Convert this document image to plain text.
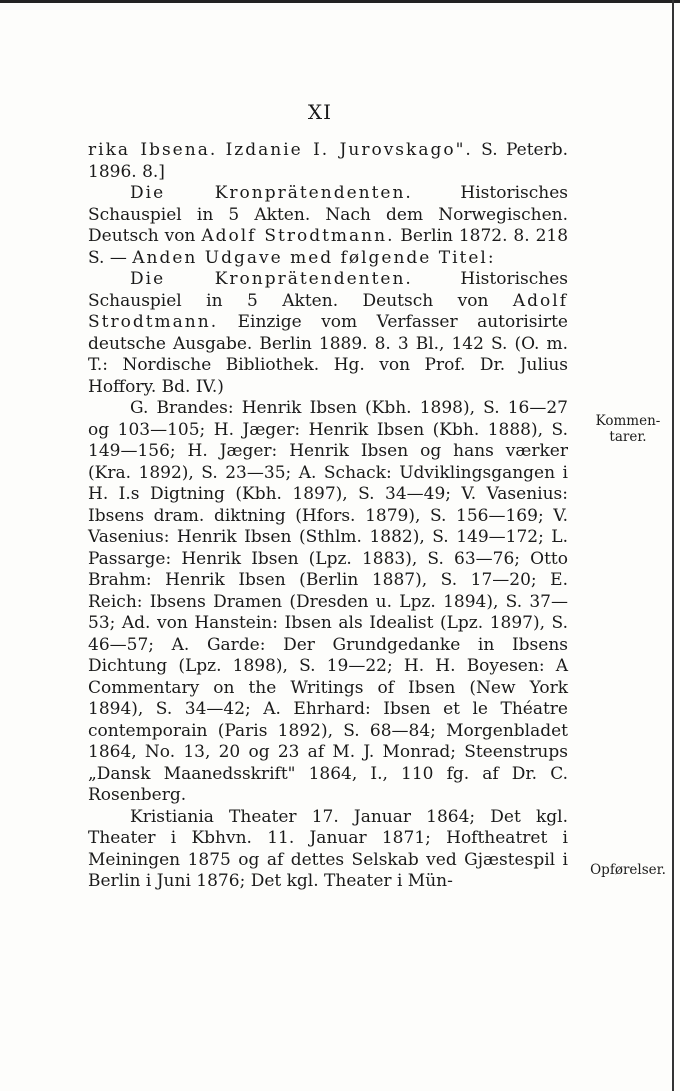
XI

rika Ibsena. Izdanie I. Jurovskago". S. Peterb. 1896. 8.]

Die Kronprätendenten. Historisches Schauspiel in 5 Akten. Nach dem Norwegischen. Deutsch von Adolf Strodtmann. Berlin 1872. 8. 218 S. — Anden Udgave med følgende Titel:

Die Kronprätendenten. Historisches Schauspiel in 5 Akten. Deutsch von Adolf Strodtmann. Einzige vom Verfasser autorisirte deutsche Ausgabe. Berlin 1889. 8. 3 Bl., 142 S. (O. m. T.: Nordische Bibliothek. Hg. von Prof. Dr. Julius Hoffory. Bd. IV.)

G. Brandes: Henrik Ibsen (Kbh. 1898), S. 16—27 og 103—105; H. Jæger: Henrik Ibsen (Kbh. 1888), S. 149—156; H. Jæger: Henrik Ibsen og hans værker (Kra. 1892), S. 23—35; A. Schack: Udviklingsgangen i H. I.s Digtning (Kbh. 1897), S. 34—49; V. Vasenius: Ibsens dram. diktning (Hfors. 1879), S. 156—169; V. Vasenius: Henrik Ibsen (Sthlm. 1882), S. 149—172; L. Passarge: Henrik Ibsen (Lpz. 1883), S. 63—76; Otto Brahm: Henrik Ibsen (Berlin 1887), S. 17—20; E. Reich: Ibsens Dramen (Dresden u. Lpz. 1894), S. 37—53; Ad. von Hanstein: Ibsen als Idealist (Lpz. 1897), S. 46—57; A. Garde: Der Grundgedanke in Ibsens Dichtung (Lpz. 1898), S. 19—22; H. H. Boyesen: A Commentary on the Writings of Ibsen (New York 1894), S. 34—42; A. Ehrhard: Ibsen et le Théatre contemporain (Paris 1892), S. 68—84; Morgenbladet 1864, No. 13, 20 og 23 af M. J. Monrad; Steenstrups „Dansk Maanedsskrift" 1864, I., 110 fg. af Dr. C. Rosenberg.

Kristiania Theater 17. Januar 1864; Det kgl. Theater i Kbhvn. 11. Januar 1871; Hoftheatret i Meiningen 1875 og af dettes Selskab ved Gjæstespil i Berlin i Juni 1876; Det kgl. Theater i Mün-

Kommen-
tarer.
Opførelser.
